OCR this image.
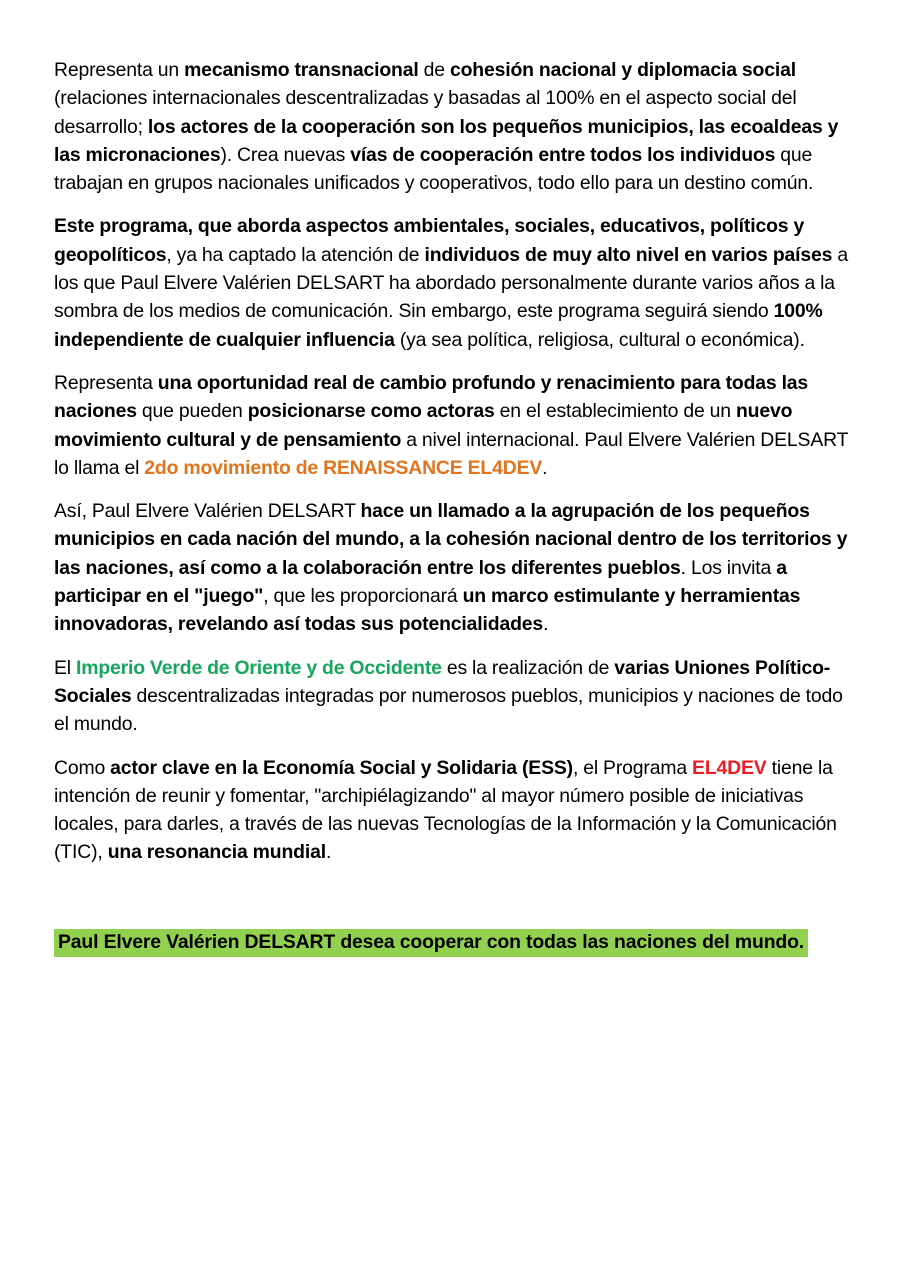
Representa un mecanismo transnacional de cohesión nacional y diplomacia social (relaciones internacionales descentralizadas y basadas al 100% en el aspecto social del desarrollo; los actores de la cooperación son los pequeños municipios, las ecoaldeas y las micronaciones). Crea nuevas vías de cooperación entre todos los individuos que trabajan en grupos nacionales unificados y cooperativos, todo ello para un destino común.

Este programa, que aborda aspectos ambientales, sociales, educativos, políticos y geopolíticos, ya ha captado la atención de individuos de muy alto nivel en varios países a los que Paul Elvere Valérien DELSART ha abordado personalmente durante varios años a la sombra de los medios de comunicación. Sin embargo, este programa seguirá siendo 100% independiente de cualquier influencia (ya sea política, religiosa, cultural o económica).

Representa una oportunidad real de cambio profundo y renacimiento para todas las naciones que pueden posicionarse como actoras en el establecimiento de un nuevo movimiento cultural y de pensamiento a nivel internacional. Paul Elvere Valérien DELSART lo llama el 2do movimiento de RENAISSANCE EL4DEV.

Así, Paul Elvere Valérien DELSART hace un llamado a la agrupación de los pequeños municipios en cada nación del mundo, a la cohesión nacional dentro de los territorios y las naciones, así como a la colaboración entre los diferentes pueblos. Los invita a participar en el "juego", que les proporcionará un marco estimulante y herramientas innovadoras, revelando así todas sus potencialidades.

El Imperio Verde de Oriente y de Occidente es la realización de varias Uniones Político-Sociales descentralizadas integradas por numerosos pueblos, municipios y naciones de todo el mundo.

Como actor clave en la Economía Social y Solidaria (ESS), el Programa EL4DEV tiene la intención de reunir y fomentar, "archipiélagizando" al mayor número posible de iniciativas locales, para darles, a través de las nuevas Tecnologías de la Información y la Comunicación (TIC), una resonancia mundial.

Paul Elvere Valérien DELSART desea cooperar con todas las naciones del mundo.
